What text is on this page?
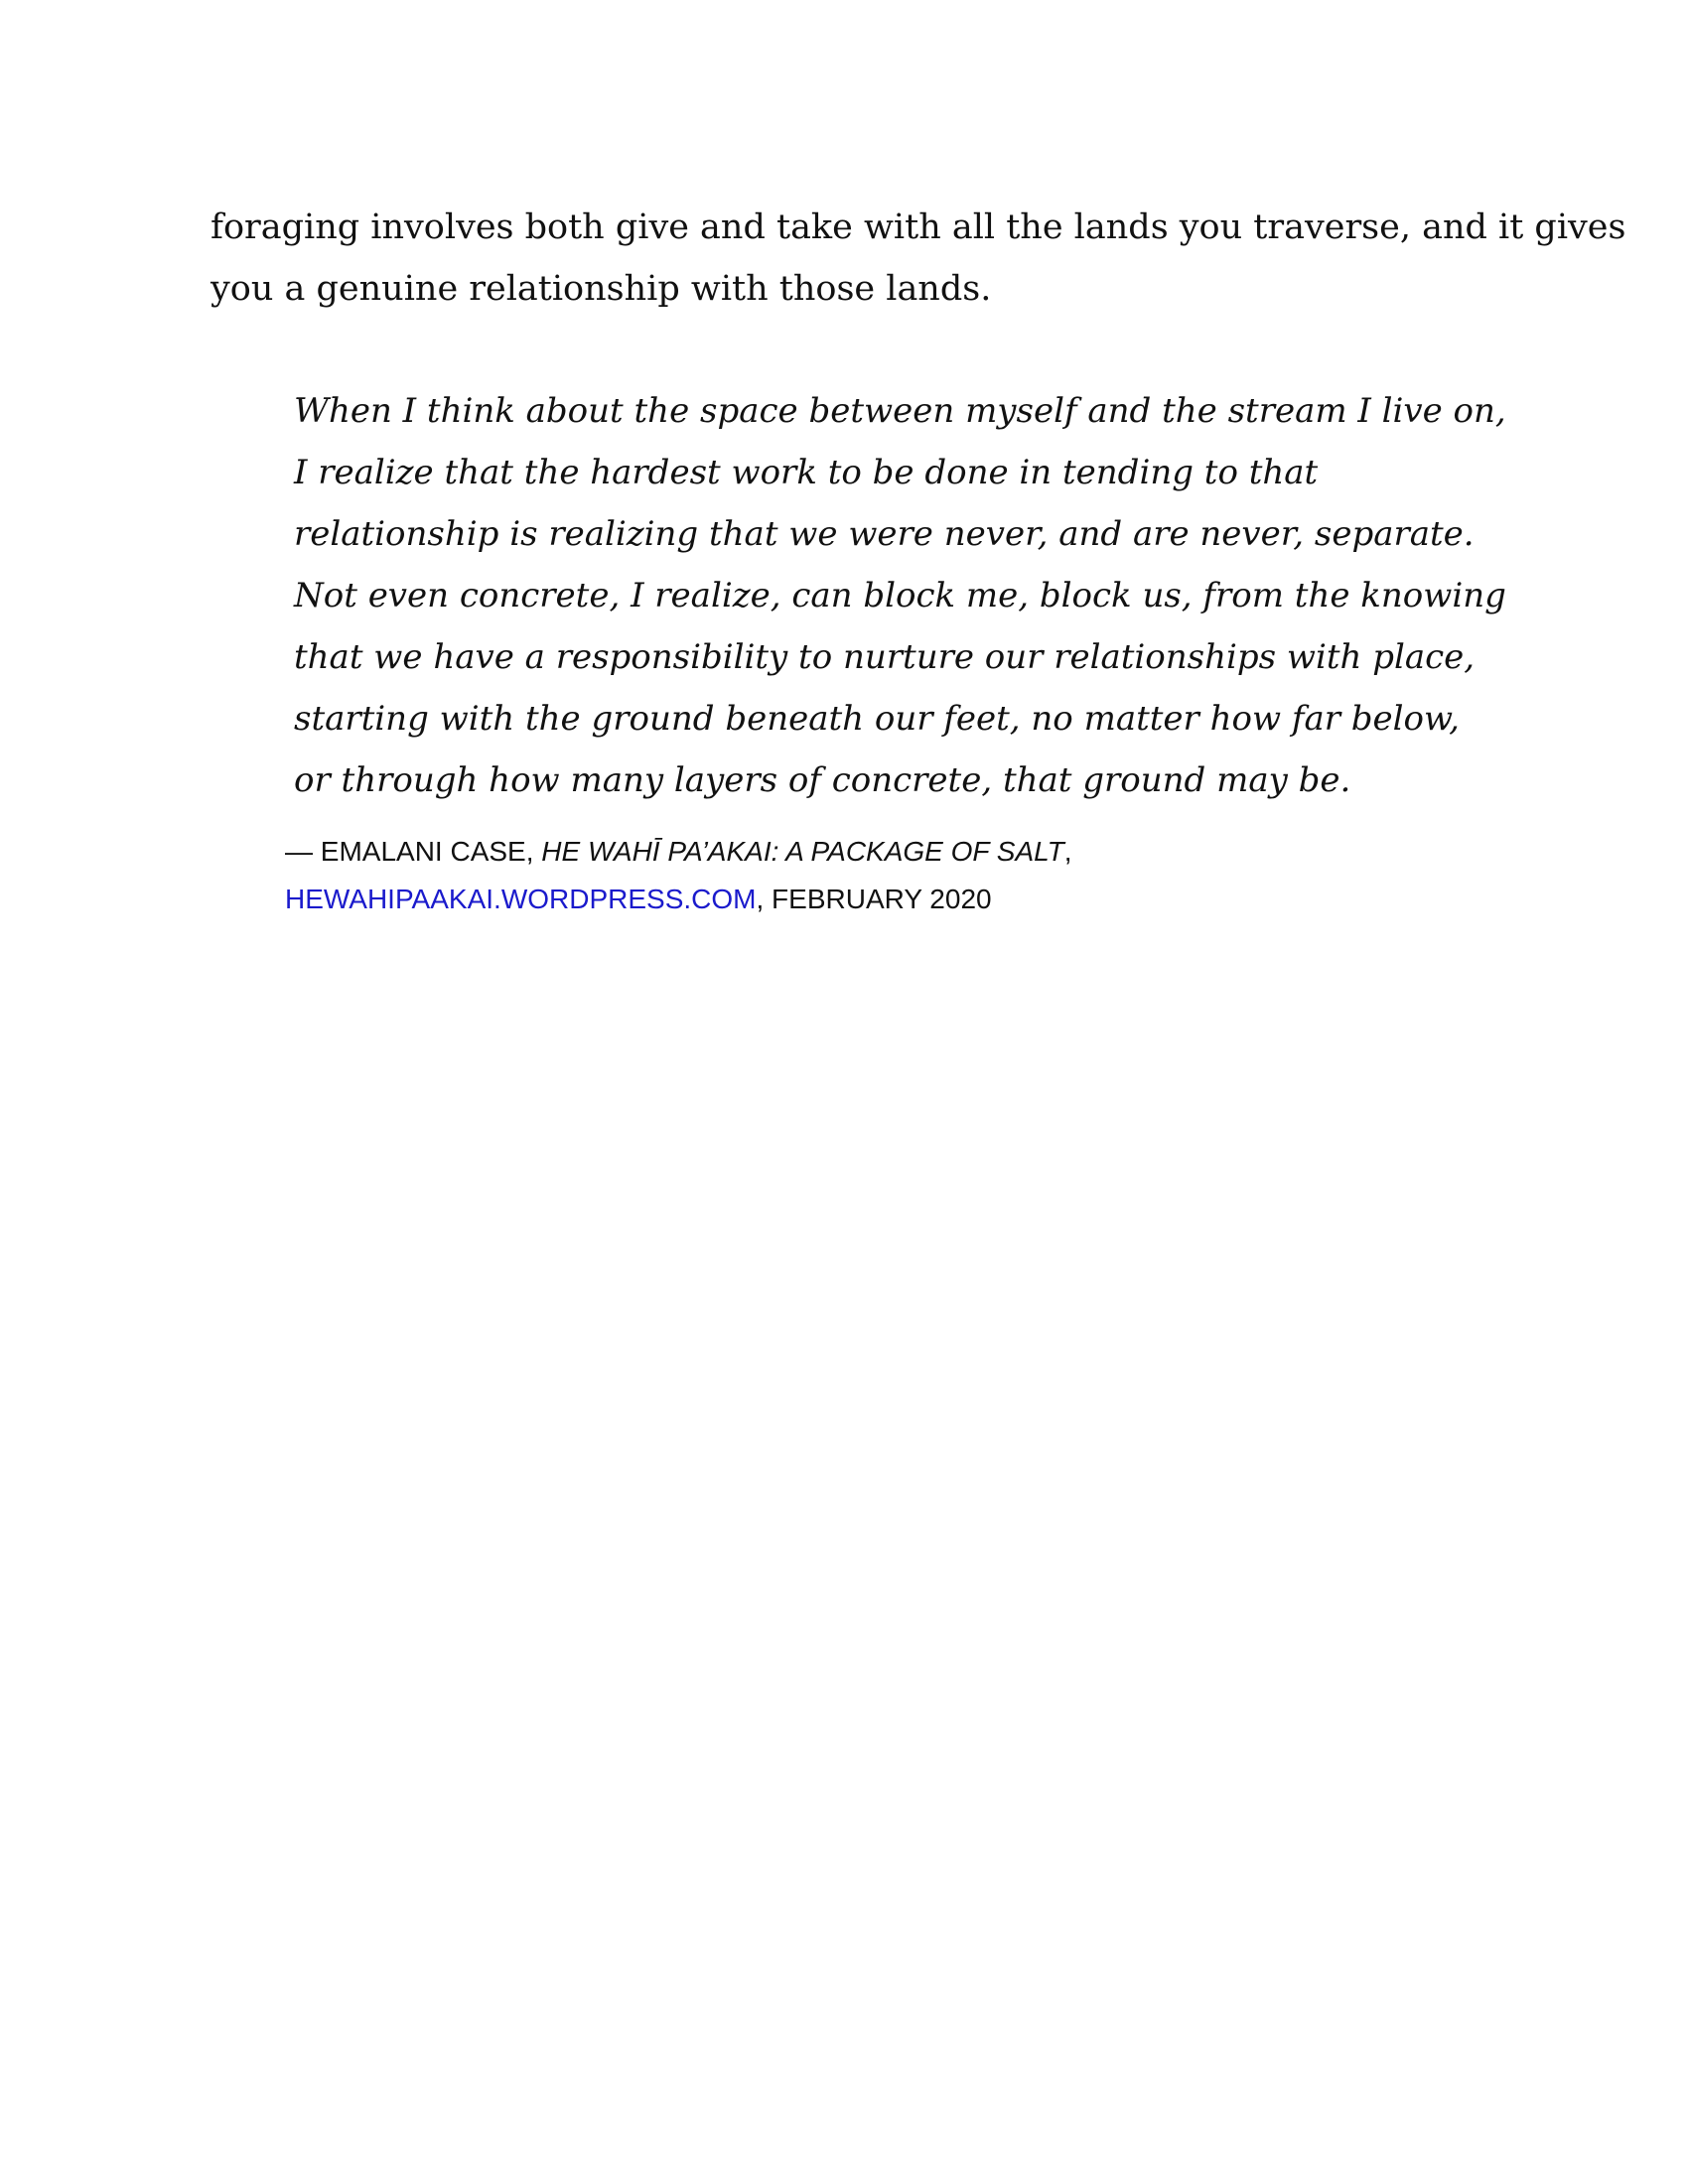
foraging involves both give and take with all the lands you traverse, and it gives
you a genuine relationship with those lands.

When I think about the space between myself and the stream I live on,
I realize that the hardest work to be done in tending to that
relationship is realizing that we were never, and are never, separate.
Not even concrete, I realize, can block me, block us, from the knowing
that we have a responsibility to nurture our relationships with place,
starting with the ground beneath our feet, no matter how far below,
or through how many layers of concrete, that ground may be.
— EMALANI CASE, HE WAHĪ PA’AKAI: A PACKAGE OF SALT,
HEWAHIPAAKAI.WORDPRESS.COM, FEBRUARY 2020
